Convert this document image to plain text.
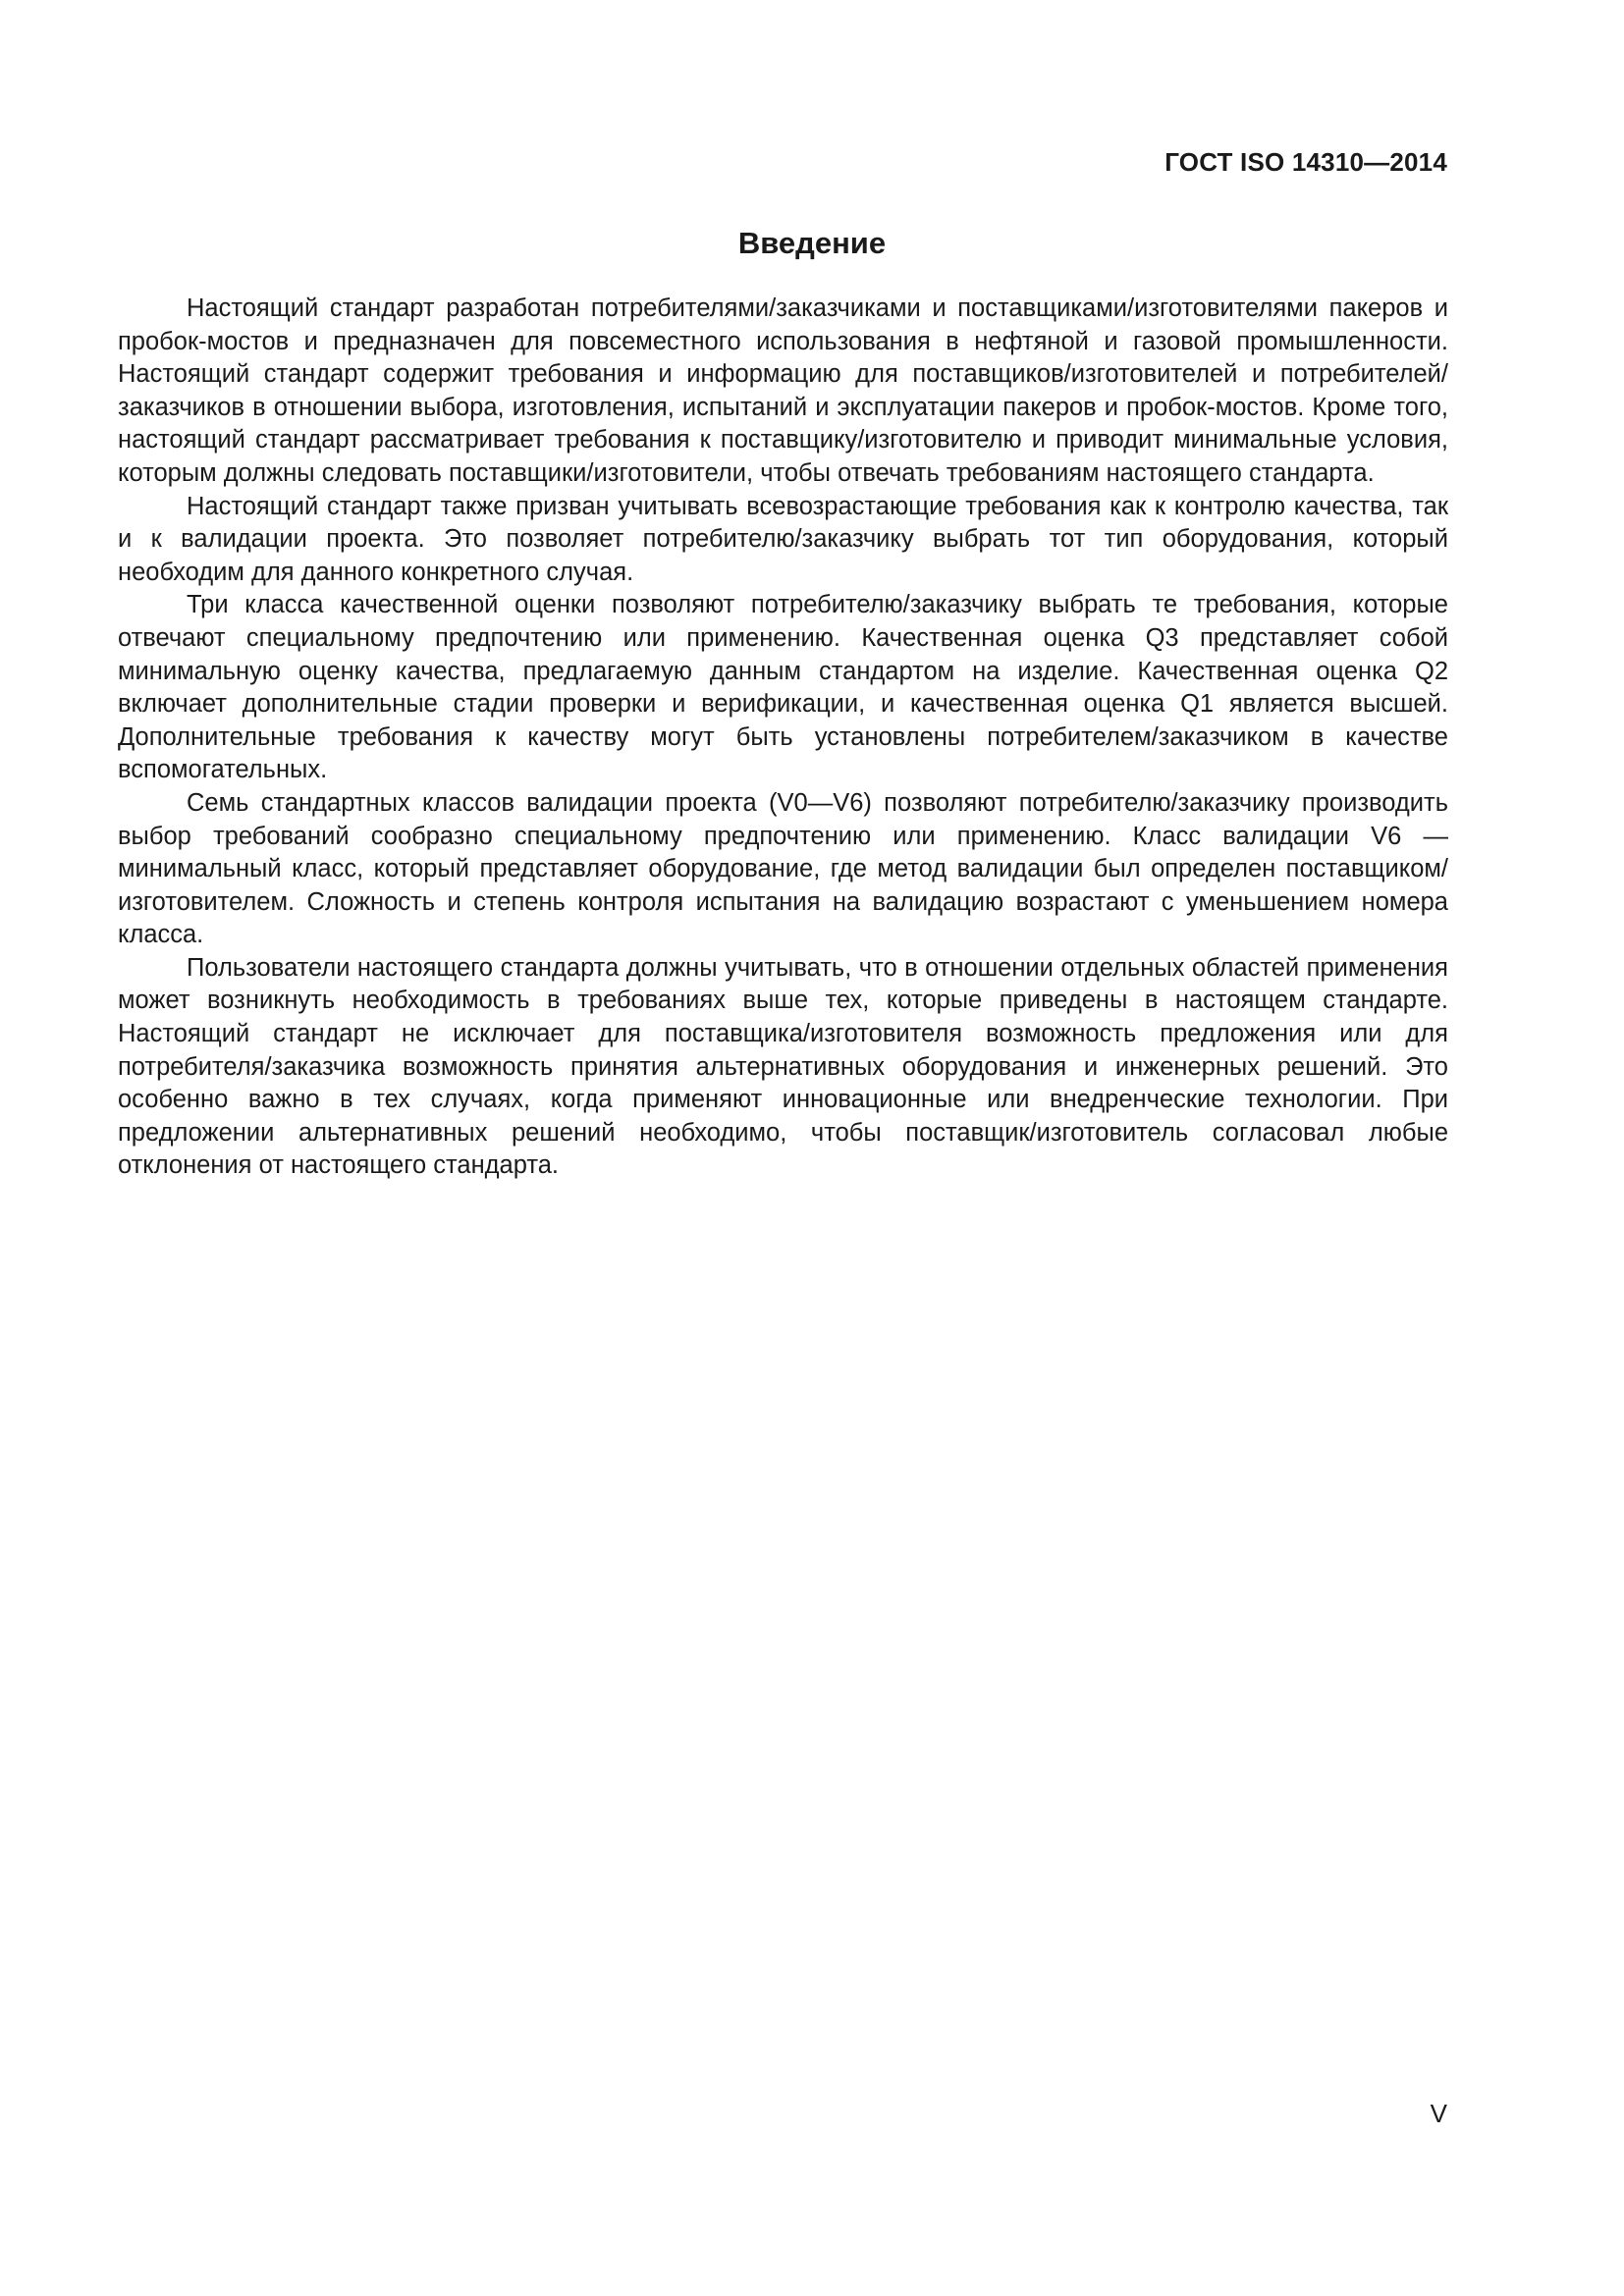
ГОСТ ISO 14310—2014
Введение

Настоящий стандарт разработан потребителями/заказчиками и поставщиками/изготовителями пакеров и пробок-мостов и предназначен для повсеместного использования в нефтяной и газовой промышленности. Настоящий стандарт содержит требования и информацию для поставщиков/изготовителей и потребителей/заказчиков в отношении выбора, изготовления, испытаний и эксплуатации пакеров и пробок-мостов. Кроме того, настоящий стандарт рассматривает требования к поставщику/изготовителю и приводит минимальные условия, которым должны следовать поставщики/изготовители, чтобы отвечать требованиям настоящего стандарта.

Настоящий стандарт также призван учитывать всевозрастающие требования как к контролю качества, так и к валидации проекта. Это позволяет потребителю/заказчику выбрать тот тип оборудования, который необходим для данного конкретного случая.

Три класса качественной оценки позволяют потребителю/заказчику выбрать те требования, которые отвечают специальному предпочтению или применению. Качественная оценка Q3 представляет собой минимальную оценку качества, предлагаемую данным стандартом на изделие. Качественная оценка Q2 включает дополнительные стадии проверки и верификации, и качественная оценка Q1 является высшей. Дополнительные требования к качеству могут быть установлены потребителем/заказчиком в качестве вспомогательных.

Семь стандартных классов валидации проекта (V0—V6) позволяют потребителю/заказчику производить выбор требований сообразно специальному предпочтению или применению. Класс валидации V6 — минимальный класс, который представляет оборудование, где метод валидации был определен поставщиком/изготовителем. Сложность и степень контроля испытания на валидацию возрастают с уменьшением номера класса.

Пользователи настоящего стандарта должны учитывать, что в отношении отдельных областей применения может возникнуть необходимость в требованиях выше тех, которые приведены в настоящем стандарте. Настоящий стандарт не исключает для поставщика/изготовителя возможность предложения или для потребителя/заказчика возможность принятия альтернативных оборудования и инженерных решений. Это особенно важно в тех случаях, когда применяют инновационные или внедренческие технологии. При предложении альтернативных решений необходимо, чтобы поставщик/изготовитель согласовал любые отклонения от настоящего стандарта.

V
